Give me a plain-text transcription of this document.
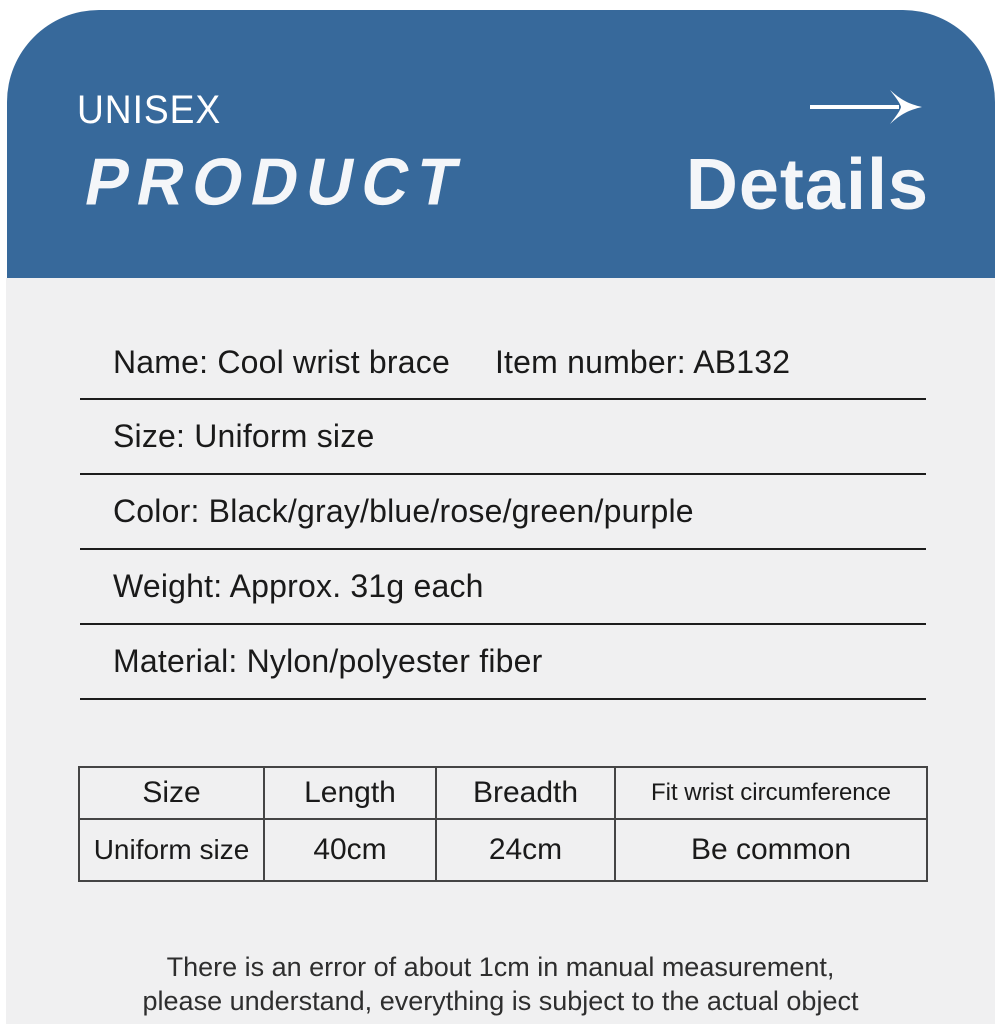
UNISEX
PRODUCT	Details
Name: Cool wrist brace Item number: AB132
Size: Uniform size
Color: Black/gray/blue/rose/green/purple
Weight: Approx. 31g each
Material: Nylon/polyester fiber
Size	Length	Breadth	Fit wrist circumference
Uniform size	40cm	24cm	Be common

There is an error of about 1cm in manual measurement, please understand, everything is subject to the actual object
